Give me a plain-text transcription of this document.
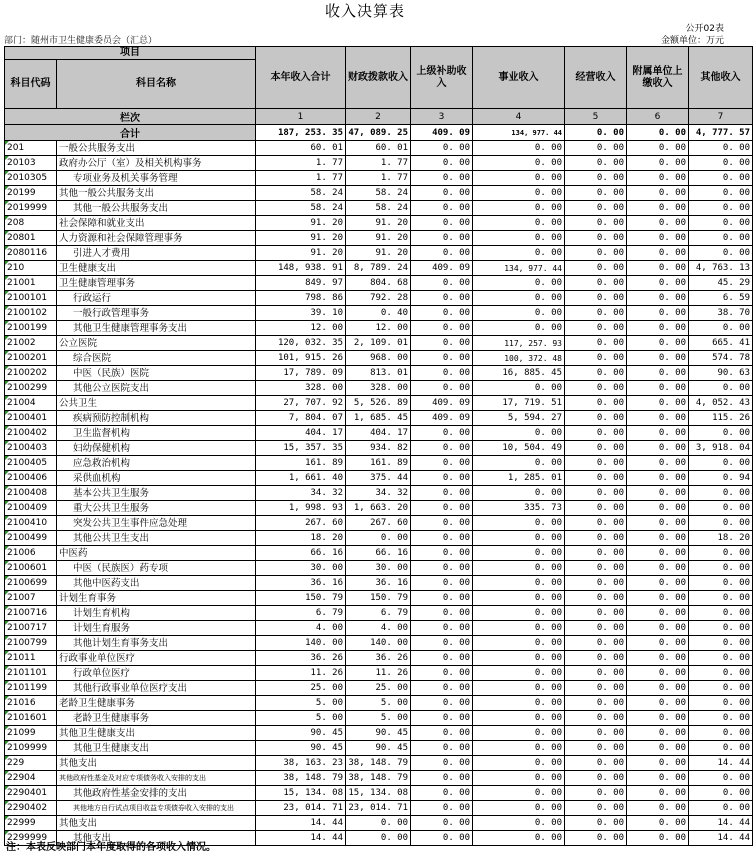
收入决算表
公开02表
部门：随州市卫生健康委员会（汇总）	金额单位：万元
项目		本年收入合计	财政拨款收入	上级补助收入	事业收入	经营收入	附属单位上缴收入	其他收入
科目代码	科目名称							
栏次		1	2	3	4	5	6	7
合计		187, 253. 35	47, 089. 25	409. 09	134, 977. 44	0. 00	0. 00	4, 777. 57
201	一般公共服务支出	60. 01	60. 01	0. 00	0. 00	0. 00	0. 00	0. 00
20103	政府办公厅（室）及相关机构事务	1. 77	1. 77	0. 00	0. 00	0. 00	0. 00	0. 00
2010305	专项业务及机关事务管理	1. 77	1. 77	0. 00	0. 00	0. 00	0. 00	0. 00
20199	其他一般公共服务支出	58. 24	58. 24	0. 00	0. 00	0. 00	0. 00	0. 00
2019999	其他一般公共服务支出	58. 24	58. 24	0. 00	0. 00	0. 00	0. 00	0. 00
208	社会保障和就业支出	91. 20	91. 20	0. 00	0. 00	0. 00	0. 00	0. 00
20801	人力资源和社会保障管理事务	91. 20	91. 20	0. 00	0. 00	0. 00	0. 00	0. 00
2080116	引进人才费用	91. 20	91. 20	0. 00	0. 00	0. 00	0. 00	0. 00
210	卫生健康支出	148, 938. 91	8, 789. 24	409. 09	134, 977. 44	0. 00	0. 00	4, 763. 13
21001	卫生健康管理事务	849. 97	804. 68	0. 00	0. 00	0. 00	0. 00	45. 29
2100101	行政运行	798. 86	792. 28	0. 00	0. 00	0. 00	0. 00	6. 59
2100102	一般行政管理事务	39. 10	0. 40	0. 00	0. 00	0. 00	0. 00	38. 70
2100199	其他卫生健康管理事务支出	12. 00	12. 00	0. 00	0. 00	0. 00	0. 00	0. 00
21002	公立医院	120, 032. 35	2, 109. 01	0. 00	117, 257. 93	0. 00	0. 00	665. 41
2100201	综合医院	101, 915. 26	968. 00	0. 00	100, 372. 48	0. 00	0. 00	574. 78
2100202	中医（民族）医院	17, 789. 09	813. 01	0. 00	16, 885. 45	0. 00	0. 00	90. 63
2100299	其他公立医院支出	328. 00	328. 00	0. 00	0. 00	0. 00	0. 00	0. 00
21004	公共卫生	27, 707. 92	5, 526. 89	409. 09	17, 719. 51	0. 00	0. 00	4, 052. 43
2100401	疾病预防控制机构	7, 804. 07	1, 685. 45	409. 09	5, 594. 27	0. 00	0. 00	115. 26
2100402	卫生监督机构	404. 17	404. 17	0. 00	0. 00	0. 00	0. 00	0. 00
2100403	妇幼保健机构	15, 357. 35	934. 82	0. 00	10, 504. 49	0. 00	0. 00	3, 918. 04
2100405	应急救治机构	161. 89	161. 89	0. 00	0. 00	0. 00	0. 00	0. 00
2100406	采供血机构	1, 661. 40	375. 44	0. 00	1, 285. 01	0. 00	0. 00	0. 94
2100408	基本公共卫生服务	34. 32	34. 32	0. 00	0. 00	0. 00	0. 00	0. 00
2100409	重大公共卫生服务	1, 998. 93	1, 663. 20	0. 00	335. 73	0. 00	0. 00	0. 00
2100410	突发公共卫生事件应急处理	267. 60	267. 60	0. 00	0. 00	0. 00	0. 00	0. 00
2100499	其他公共卫生支出	18. 20	0. 00	0. 00	0. 00	0. 00	0. 00	18. 20
21006	中医药	66. 16	66. 16	0. 00	0. 00	0. 00	0. 00	0. 00
2100601	中医（民族医）药专项	30. 00	30. 00	0. 00	0. 00	0. 00	0. 00	0. 00
2100699	其他中医药支出	36. 16	36. 16	0. 00	0. 00	0. 00	0. 00	0. 00
21007	计划生育事务	150. 79	150. 79	0. 00	0. 00	0. 00	0. 00	0. 00
2100716	计划生育机构	6. 79	6. 79	0. 00	0. 00	0. 00	0. 00	0. 00
2100717	计划生育服务	4. 00	4. 00	0. 00	0. 00	0. 00	0. 00	0. 00
2100799	其他计划生育事务支出	140. 00	140. 00	0. 00	0. 00	0. 00	0. 00	0. 00
21011	行政事业单位医疗	36. 26	36. 26	0. 00	0. 00	0. 00	0. 00	0. 00
2101101	行政单位医疗	11. 26	11. 26	0. 00	0. 00	0. 00	0. 00	0. 00
2101199	其他行政事业单位医疗支出	25. 00	25. 00	0. 00	0. 00	0. 00	0. 00	0. 00
21016	老龄卫生健康事务	5. 00	5. 00	0. 00	0. 00	0. 00	0. 00	0. 00
2101601	老龄卫生健康事务	5. 00	5. 00	0. 00	0. 00	0. 00	0. 00	0. 00
21099	其他卫生健康支出	90. 45	90. 45	0. 00	0. 00	0. 00	0. 00	0. 00
2109999	其他卫生健康支出	90. 45	90. 45	0. 00	0. 00	0. 00	0. 00	0. 00
229	其他支出	38, 163. 23	38, 148. 79	0. 00	0. 00	0. 00	0. 00	14. 44
22904	其他政府性基金及对应专项债务收入安排的支出	38, 148. 79	38, 148. 79	0. 00	0. 00	0. 00	0. 00	0. 00
2290401	其他政府性基金安排的支出	15, 134. 08	15, 134. 08	0. 00	0. 00	0. 00	0. 00	0. 00
2290402	其他地方自行试点项目收益专项债券收入安排的支出	23, 014. 71	23, 014. 71	0. 00	0. 00	0. 00	0. 00	0. 00
22999	其他支出	14. 44	0. 00	0. 00	0. 00	0. 00	0. 00	14. 44
2299999	其他支出	14. 44	0. 00	0. 00	0. 00	0. 00	0. 00	14. 44
注：本表反映部门本年度取得的各项收入情况。
